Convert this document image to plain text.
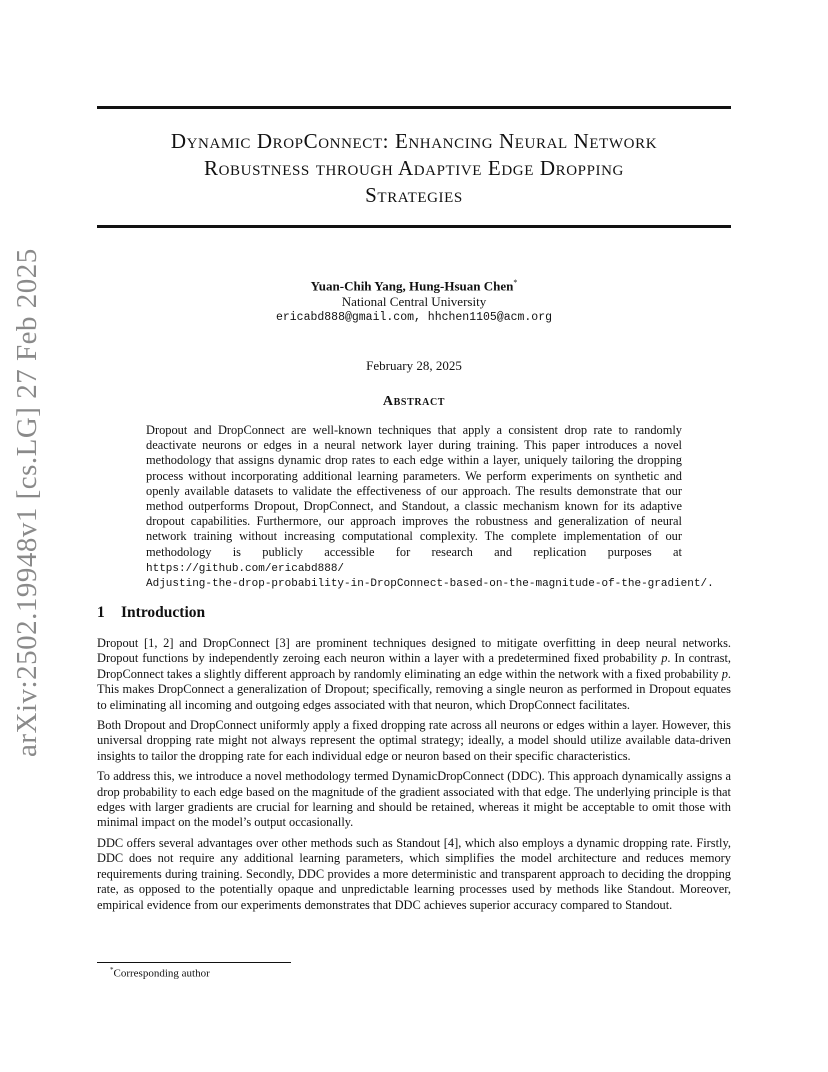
arXiv:2502.19948v1 [cs.LG] 27 Feb 2025
Dynamic DropConnect: Enhancing Neural Network
Robustness through Adaptive Edge Dropping
Strategies
Yuan-Chih Yang, Hung-Hsuan Chen*
National Central University
ericabd888@gmail.com, hhchen1105@acm.org
February 28, 2025
Abstract

Dropout and DropConnect are well-known techniques that apply a consistent drop rate to randomly deactivate neurons or edges in a neural network layer during training. This paper introduces a novel methodology that assigns dynamic drop rates to each edge within a layer, uniquely tailoring the dropping process without incorporating additional learning parameters. We perform experiments on synthetic and openly available datasets to validate the effectiveness of our approach. The results demonstrate that our method outperforms Dropout, DropConnect, and Standout, a classic mechanism known for its adaptive dropout capabilities. Furthermore, our approach improves the robustness and generalization of neural network training without increasing computational complexity. The complete implementation of our methodology is publicly accessible for research and replication purposes at https://github.com/ericabd888/
Adjusting-the-drop-probability-in-DropConnect-based-on-the-magnitude-of-the-gradient/.

1 Introduction

Dropout [1, 2] and DropConnect [3] are prominent techniques designed to mitigate overfitting in deep neural networks. Dropout functions by independently zeroing each neuron within a layer with a predetermined fixed probability p. In contrast, DropConnect takes a slightly different approach by randomly eliminating an edge within the network with a fixed probability p. This makes DropConnect a generalization of Dropout; specifically, removing a single neuron as performed in Dropout equates to eliminating all incoming and outgoing edges associated with that neuron, which DropConnect facilitates.

Both Dropout and DropConnect uniformly apply a fixed dropping rate across all neurons or edges within a layer. However, this universal dropping rate might not always represent the optimal strategy; ideally, a model should utilize available data-driven insights to tailor the dropping rate for each individual edge or neuron based on their specific characteristics.

To address this, we introduce a novel methodology termed DynamicDropConnect (DDC). This approach dynamically assigns a drop probability to each edge based on the magnitude of the gradient associated with that edge. The underlying principle is that edges with larger gradients are crucial for learning and should be retained, whereas it might be acceptable to omit those with minimal impact on the model’s output occasionally.

DDC offers several advantages over other methods such as Standout [4], which also employs a dynamic dropping rate. Firstly, DDC does not require any additional learning parameters, which simplifies the model architecture and reduces memory requirements during training. Secondly, DDC provides a more deterministic and transparent approach to deciding the dropping rate, as opposed to the potentially opaque and unpredictable learning processes used by methods like Standout. Moreover, empirical evidence from our experiments demonstrates that DDC achieves superior accuracy compared to Standout.

*Corresponding author
